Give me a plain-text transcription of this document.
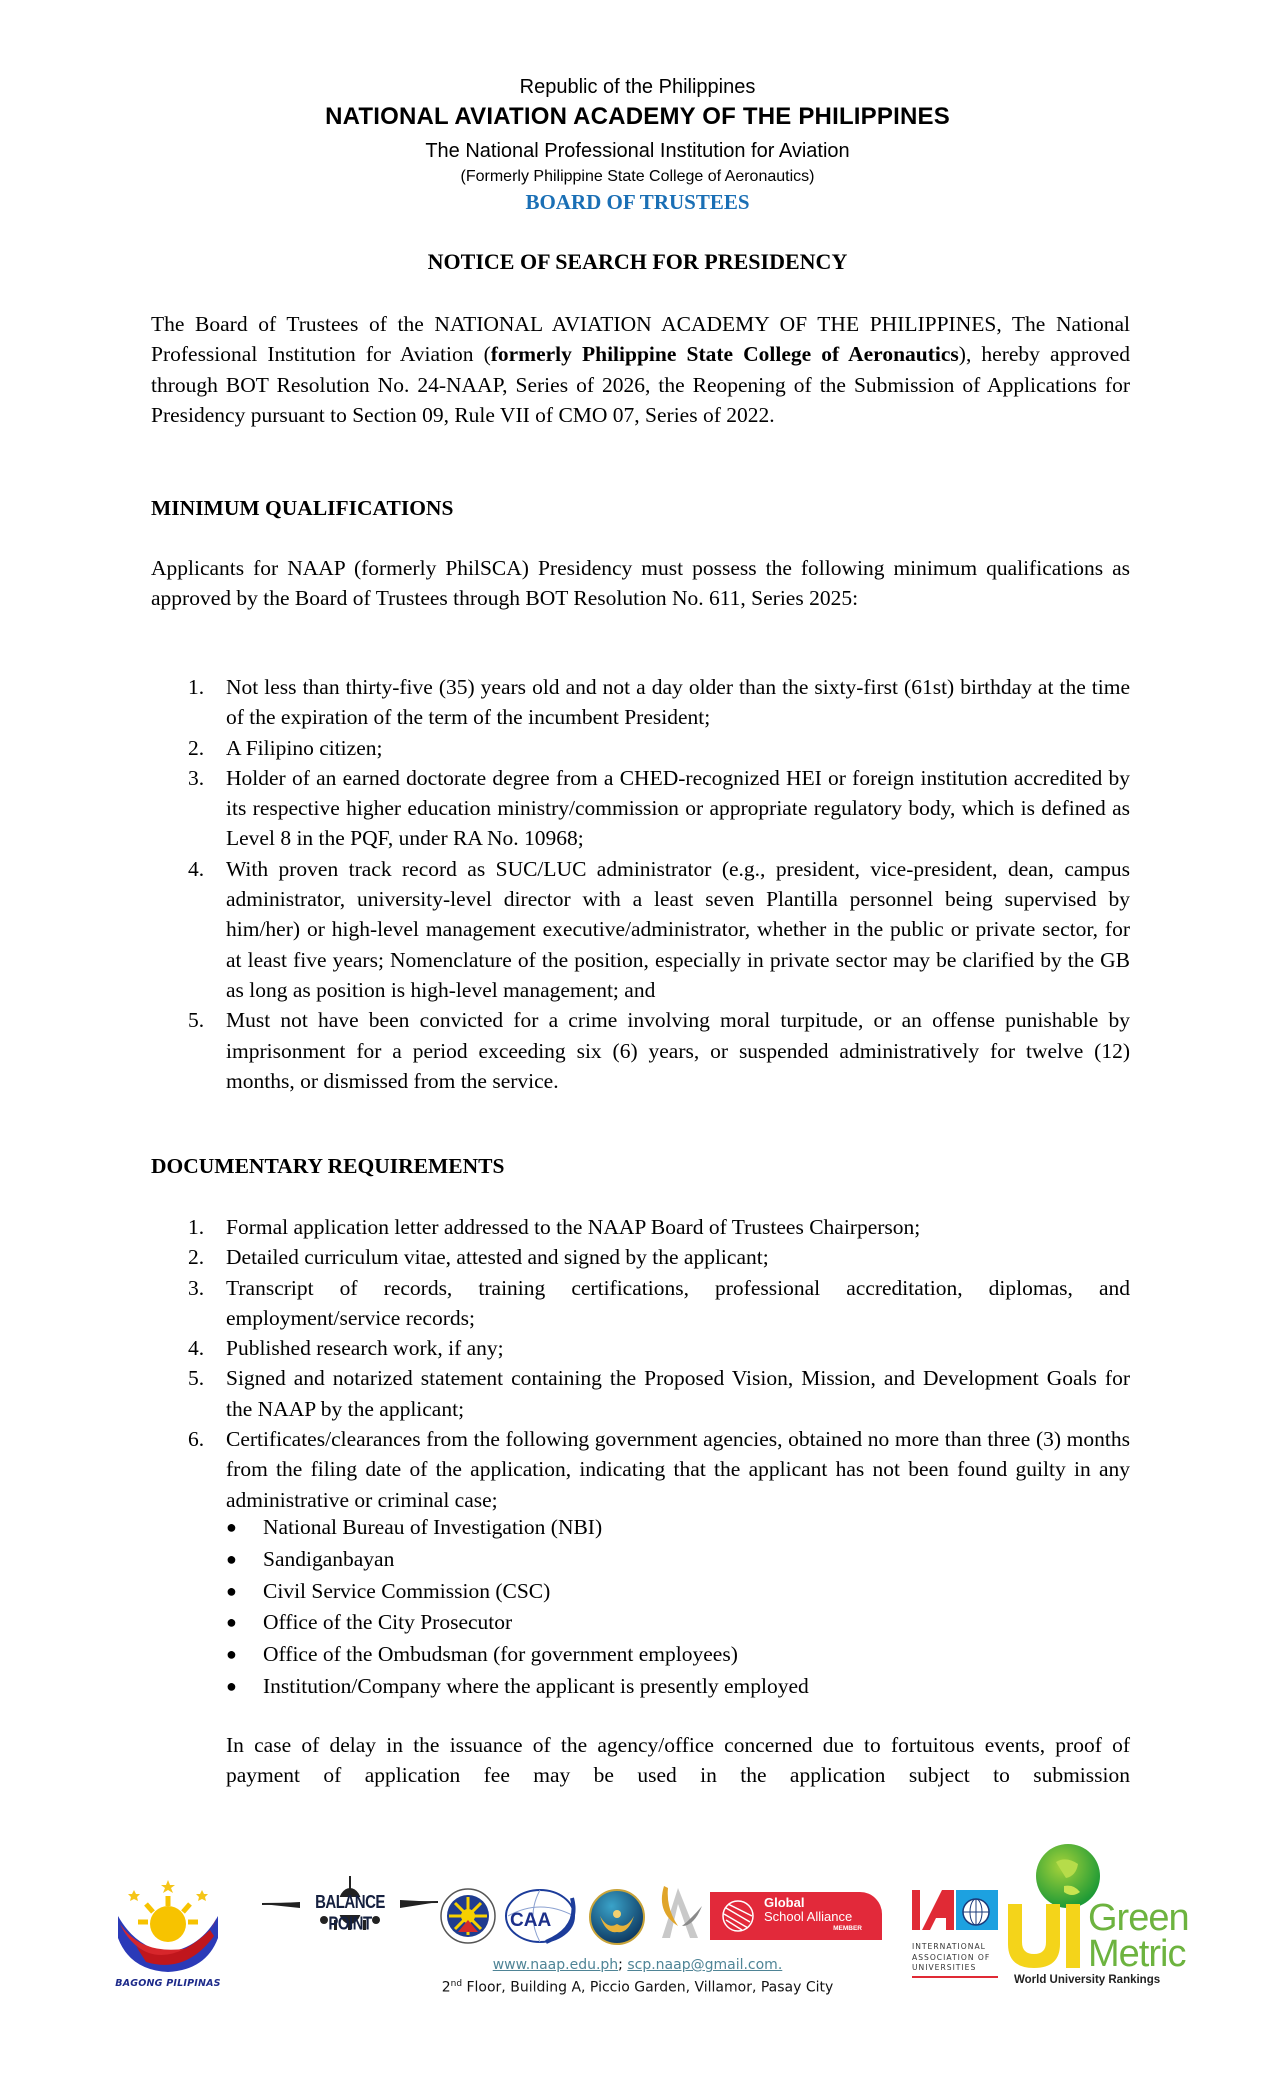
Republic of the Philippines
NATIONAL AVIATION ACADEMY OF THE PHILIPPINES
The National Professional Institution for Aviation
(Formerly Philippine State College of Aeronautics)
BOARD OF TRUSTEES
NOTICE OF SEARCH FOR PRESIDENCY

The Board of Trustees of the NATIONAL AVIATION ACADEMY OF THE PHILIPPINES, The National Professional Institution for Aviation (formerly Philippine State College of Aeronautics), hereby approved through BOT Resolution No. 24-NAAP, Series of 2026, the Reopening of the Submission of Applications for Presidency pursuant to Section 09, Rule VII of CMO 07, Series of 2022.

MINIMUM QUALIFICATIONS

Applicants for NAAP (formerly PhilSCA) Presidency must possess the following minimum qualifications as approved by the Board of Trustees through BOT Resolution No. 611, Series 2025:

1. Not less than thirty-five (35) years old and not a day older than the sixty-first (61st) birthday at the time of the expiration of the term of the incumbent President;
2. A Filipino citizen;
3. Holder of an earned doctorate degree from a CHED-recognized HEI or foreign institution accredited by its respective higher education ministry/commission or appropriate regulatory body, which is defined as Level 8 in the PQF, under RA No. 10968;
4. With proven track record as SUC/LUC administrator (e.g., president, vice-president, dean, campus administrator, university-level director with a least seven Plantilla personnel being supervised by him/her) or high-level management executive/administrator, whether in the public or private sector, for at least five years; Nomenclature of the position, especially in private sector may be clarified by the GB as long as position is high-level management; and
5. Must not have been convicted for a crime involving moral turpitude, or an offense punishable by imprisonment for a period exceeding six (6) years, or suspended administratively for twelve (12) months, or dismissed from the service.

DOCUMENTARY REQUIREMENTS

1. Formal application letter addressed to the NAAP Board of Trustees Chairperson;
2. Detailed curriculum vitae, attested and signed by the applicant;
3. Transcript of records, training certifications, professional accreditation, diplomas, and employment/service records;
4. Published research work, if any;
5. Signed and notarized statement containing the Proposed Vision, Mission, and Development Goals for the NAAP by the applicant;
6. Certificates/clearances from the following government agencies, obtained no more than three (3) months from the filing date of the application, indicating that the applicant has not been found guilty in any administrative or criminal case;
● National Bureau of Investigation (NBI)
● Sandiganbayan
● Civil Service Commission (CSC)
● Office of the City Prosecutor
● Office of the Ombudsman (for government employees)
● Institution/Company where the applicant is presently employed

In case of delay in the issuance of the agency/office concerned due to fortuitous events, proof of payment of application fee may be used in the application subject to submission

BAGONG PILIPINAS
BALANCE POINT	CAA
Global
School Alliance
MEMBER
INTERNATIONAL
ASSOCIATION OF
UNIVERSITIES
Green
Metric
World University Rankings
www.naap.edu.ph; scp.naap@gmail.com.
2nd Floor, Building A, Piccio Garden, Villamor, Pasay City
